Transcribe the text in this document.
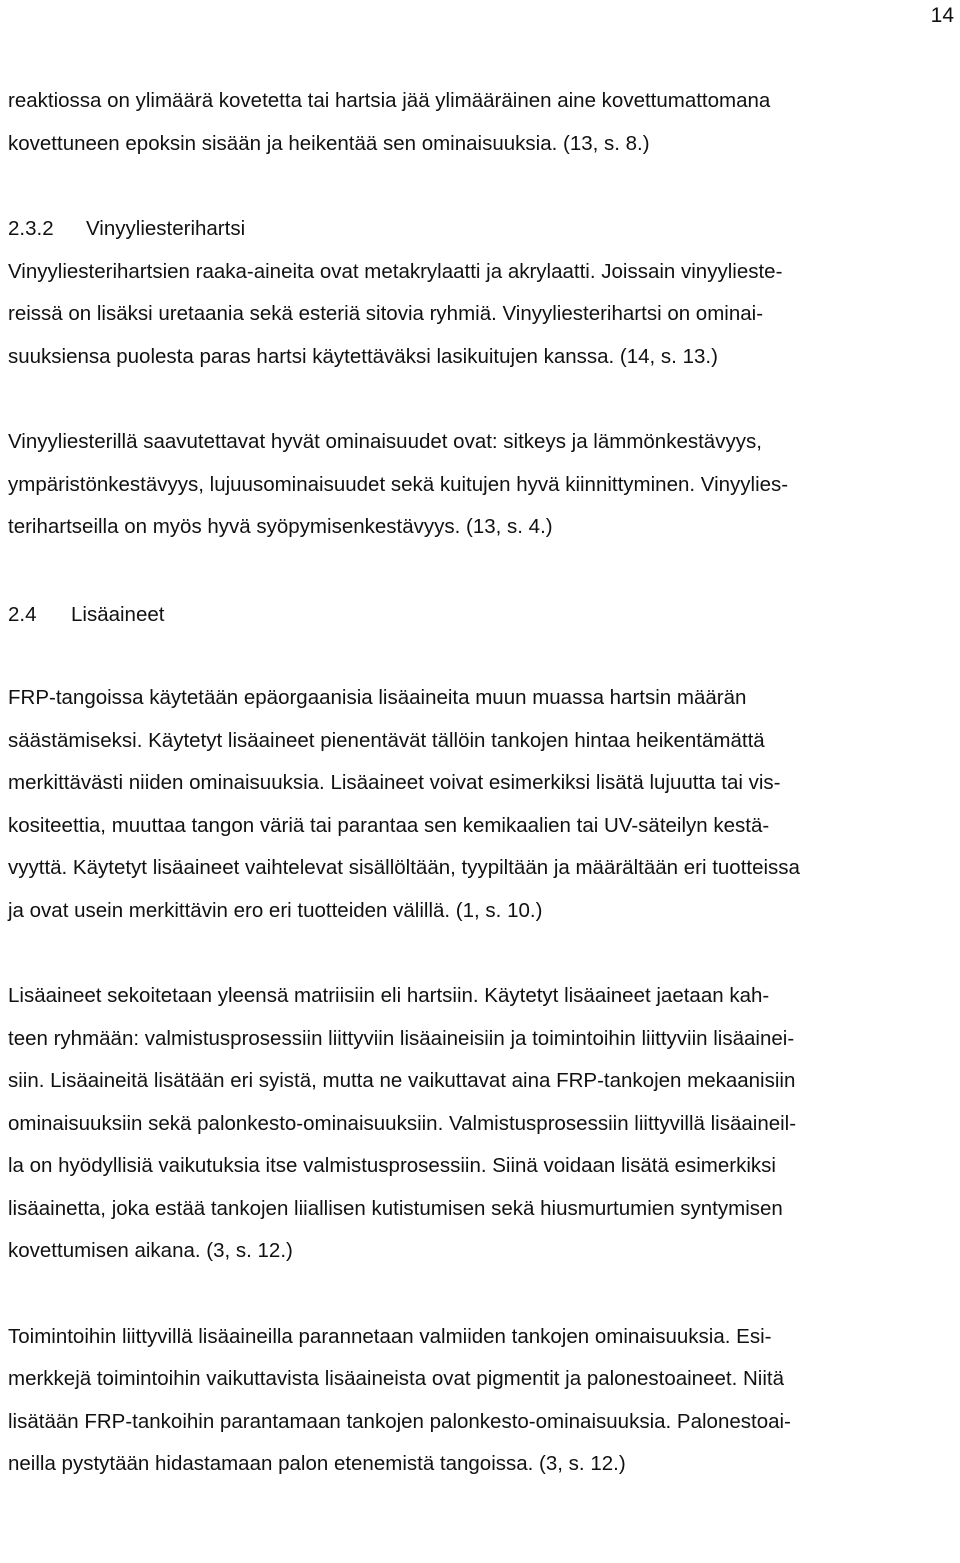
14

reaktiossa on ylimäärä kovetetta tai hartsia jää ylimääräinen aine kovettumattomana
kovettuneen epoksin sisään ja heikentää sen ominaisuuksia. (13, s. 8.)

2.3.2	Vinyyliesterihartsi

Vinyyliesterihartsien raaka-aineita ovat metakrylaatti ja akrylaatti. Joissain vinyylieste-
reissä on lisäksi uretaania sekä esteriä sitovia ryhmiä. Vinyyliesterihartsi on ominai-
suuksiensa puolesta paras hartsi käytettäväksi lasikuitujen kanssa. (14, s. 13.)

Vinyyliesterillä saavutettavat hyvät ominaisuudet ovat: sitkeys ja lämmönkestävyys,
ympäristönkestävyys, lujuusominaisuudet sekä kuitujen hyvä kiinnittyminen. Vinyylies-
terihartseilla on myös hyvä syöpymisenkestävyys. (13, s. 4.)

2.4	Lisäaineet

FRP-tangoissa käytetään epäorgaanisia lisäaineita muun muassa hartsin määrän
säästämiseksi. Käytetyt lisäaineet pienentävät tällöin tankojen hintaa heikentämättä
merkittävästi niiden ominaisuuksia. Lisäaineet voivat esimerkiksi lisätä lujuutta tai vis-
kositeettia, muuttaa tangon väriä tai parantaa sen kemikaalien tai UV-säteilyn kestä-
vyyttä. Käytetyt lisäaineet vaihtelevat sisällöltään, tyypiltään ja määrältään eri tuotteissa
ja ovat usein merkittävin ero eri tuotteiden välillä. (1, s. 10.)

Lisäaineet sekoitetaan yleensä matriisiin eli hartsiin. Käytetyt lisäaineet jaetaan kah-
teen ryhmään: valmistusprosessiin liittyviin lisäaineisiin ja toimintoihin liittyviin lisäainei-
siin. Lisäaineitä lisätään eri syistä, mutta ne vaikuttavat aina FRP-tankojen mekaanisiin
ominaisuuksiin sekä palonkesto-ominaisuuksiin. Valmistusprosessiin liittyvillä lisäaineil-
la on hyödyllisiä vaikutuksia itse valmistusprosessiin. Siinä voidaan lisätä esimerkiksi
lisäainetta, joka estää tankojen liiallisen kutistumisen sekä hiusmurtumien syntymisen
kovettumisen aikana. (3, s. 12.)

Toimintoihin liittyvillä lisäaineilla parannetaan valmiiden tankojen ominaisuuksia. Esi-
merkkejä toimintoihin vaikuttavista lisäaineista ovat pigmentit ja palonestoaineet. Niitä
lisätään FRP-tankoihin parantamaan tankojen palonkesto-ominaisuuksia. Palonestoai-
neilla pystytään hidastamaan palon etenemistä tangoissa. (3, s. 12.)
